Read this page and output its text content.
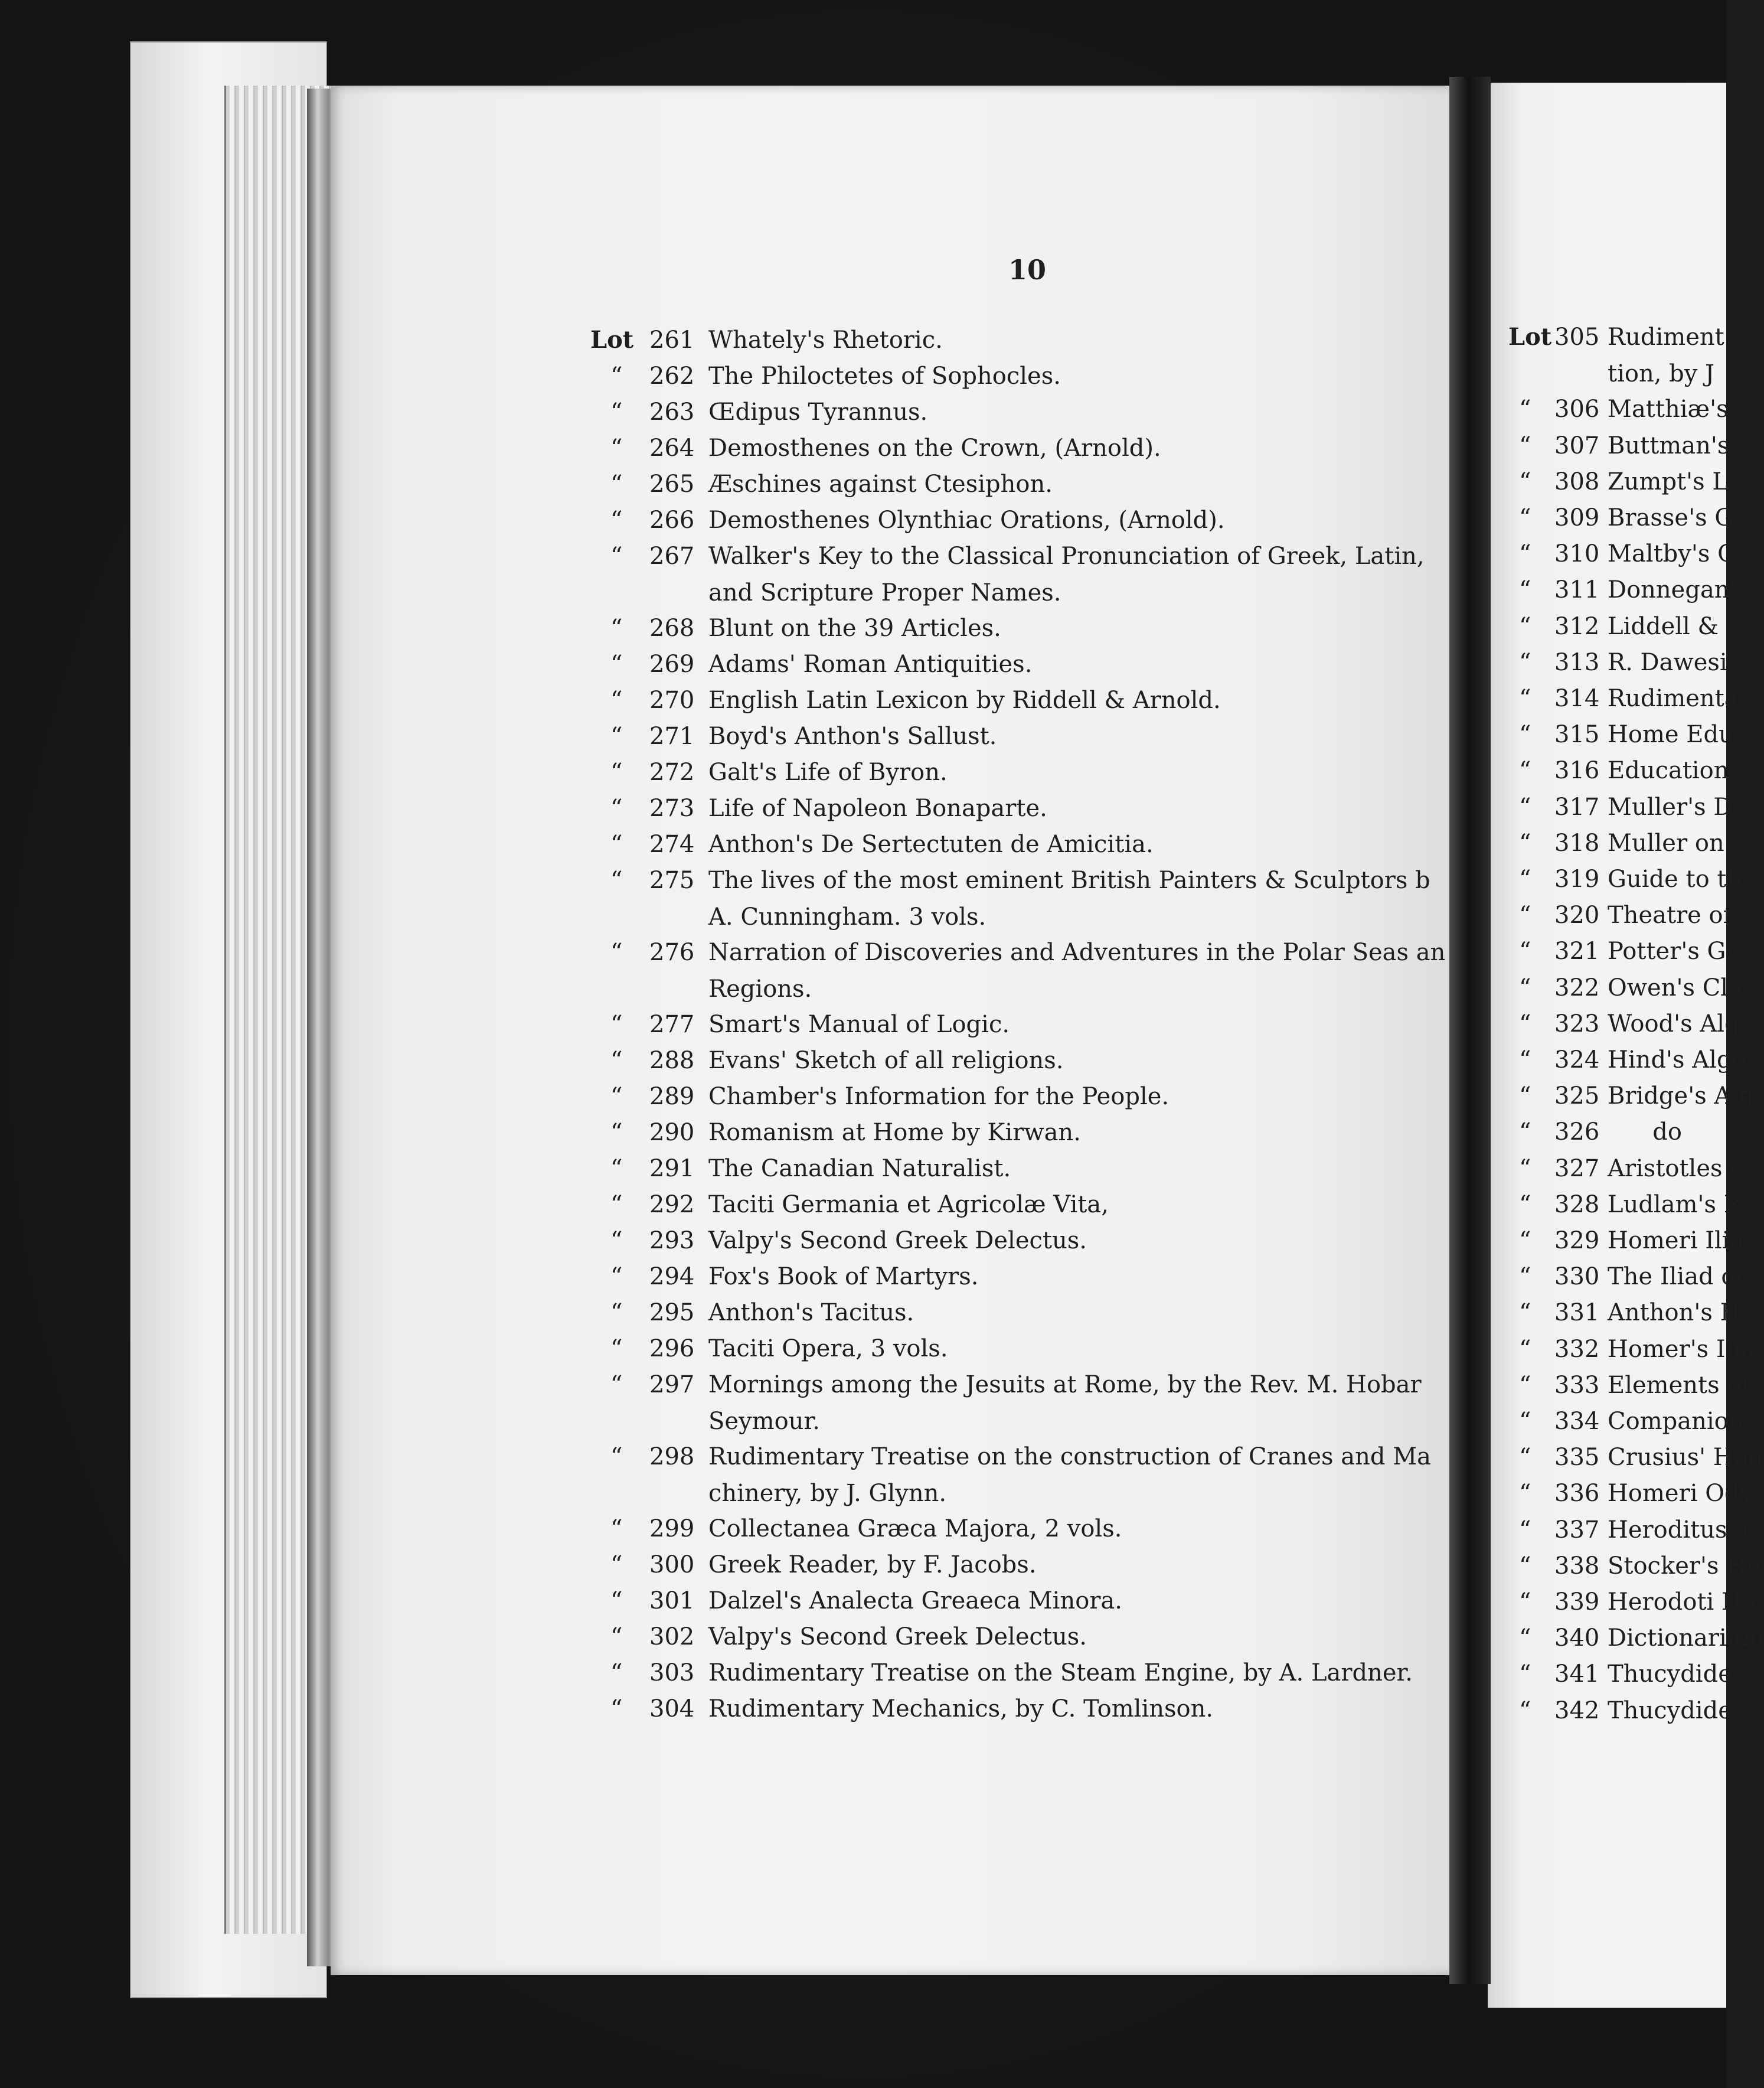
10
Lot 261 Whately's Rhetoric.
“ 262 The Philoctetes of Sophocles.
“ 263 Œdipus Tyrannus.
“ 264 Demosthenes on the Crown, (Arnold).
“ 265 Æschines against Ctesiphon.
“ 266 Demosthenes Olynthiac Orations, (Arnold).
“ 267 Walker's Key to the Classical Pronunciation of Greek, Latin,
and Scripture Proper Names.
“ 268 Blunt on the 39 Articles.
“ 269 Adams' Roman Antiquities.
“ 270 English Latin Lexicon by Riddell & Arnold.
“ 271 Boyd's Anthon's Sallust.
“ 272 Galt's Life of Byron.
“ 273 Life of Napoleon Bonaparte.
“ 274 Anthon's De Sertectuten de Amicitia.
“ 275 The lives of the most eminent British Painters & Sculptors b
A. Cunningham. 3 vols.
“ 276 Narration of Discoveries and Adventures in the Polar Seas an
Regions.
“ 277 Smart's Manual of Logic.
“ 288 Evans' Sketch of all religions.
“ 289 Chamber's Information for the People.
“ 290 Romanism at Home by Kirwan.
“ 291 The Canadian Naturalist.
“ 292 Taciti Germania et Agricolæ Vita,
“ 293 Valpy's Second Greek Delectus.
“ 294 Fox's Book of Martyrs.
“ 295 Anthon's Tacitus.
“ 296 Taciti Opera, 3 vols.
“ 297 Mornings among the Jesuits at Rome, by the Rev. M. Hobar
Seymour.
“ 298 Rudimentary Treatise on the construction of Cranes and Ma
chinery, by J. Glynn.
“ 299 Collectanea Græca Majora, 2 vols.
“ 300 Greek Reader, by F. Jacobs.
“ 301 Dalzel's Analecta Greaeca Minora.
“ 302 Valpy's Second Greek Delectus.
“ 303 Rudimentary Treatise on the Steam Engine, by A. Lardner.
“ 304 Rudimentary Mechanics, by C. Tomlinson.
Lot 305 Rudiment
tion, by J
“ 306 Matthiæ's
“ 307 Buttman's
“ 308 Zumpt's L
“ 309 Brasse's G
“ 310 Maltby's G
“ 311 Donnegan'
“ 312 Liddell &
“ 313 R. Dawesi
“ 314 Rudimenta
“ 315 Home Edu
“ 316 Education
“ 317 Muller's D
“ 318 Muller on
“ 319 Guide to th
“ 320 Theatre of
“ 321 Potter's Gr
“ 322 Owen's Cla
“ 323 Wood's Alg
“ 324 Hind's Alge
“ 325 Bridge's Alg
“ 326 do
“ 327 Aristotles de
“ 328 Ludlam's R
“ 329 Homeri Ilia
“ 330 The Iliad of
“ 331 Anthon's H
“ 332 Homer's Ilia
“ 333 Elements of
“ 334 Companion
“ 335 Crusius' Hon
“ 336 Homeri Ody
“ 337 Heroditus, (
“ 338 Stocker's He
“ 339 Herodoti Ha
“ 340 Dictionarium
“ 341 Thucydides,
“ 342 Thucydides,
